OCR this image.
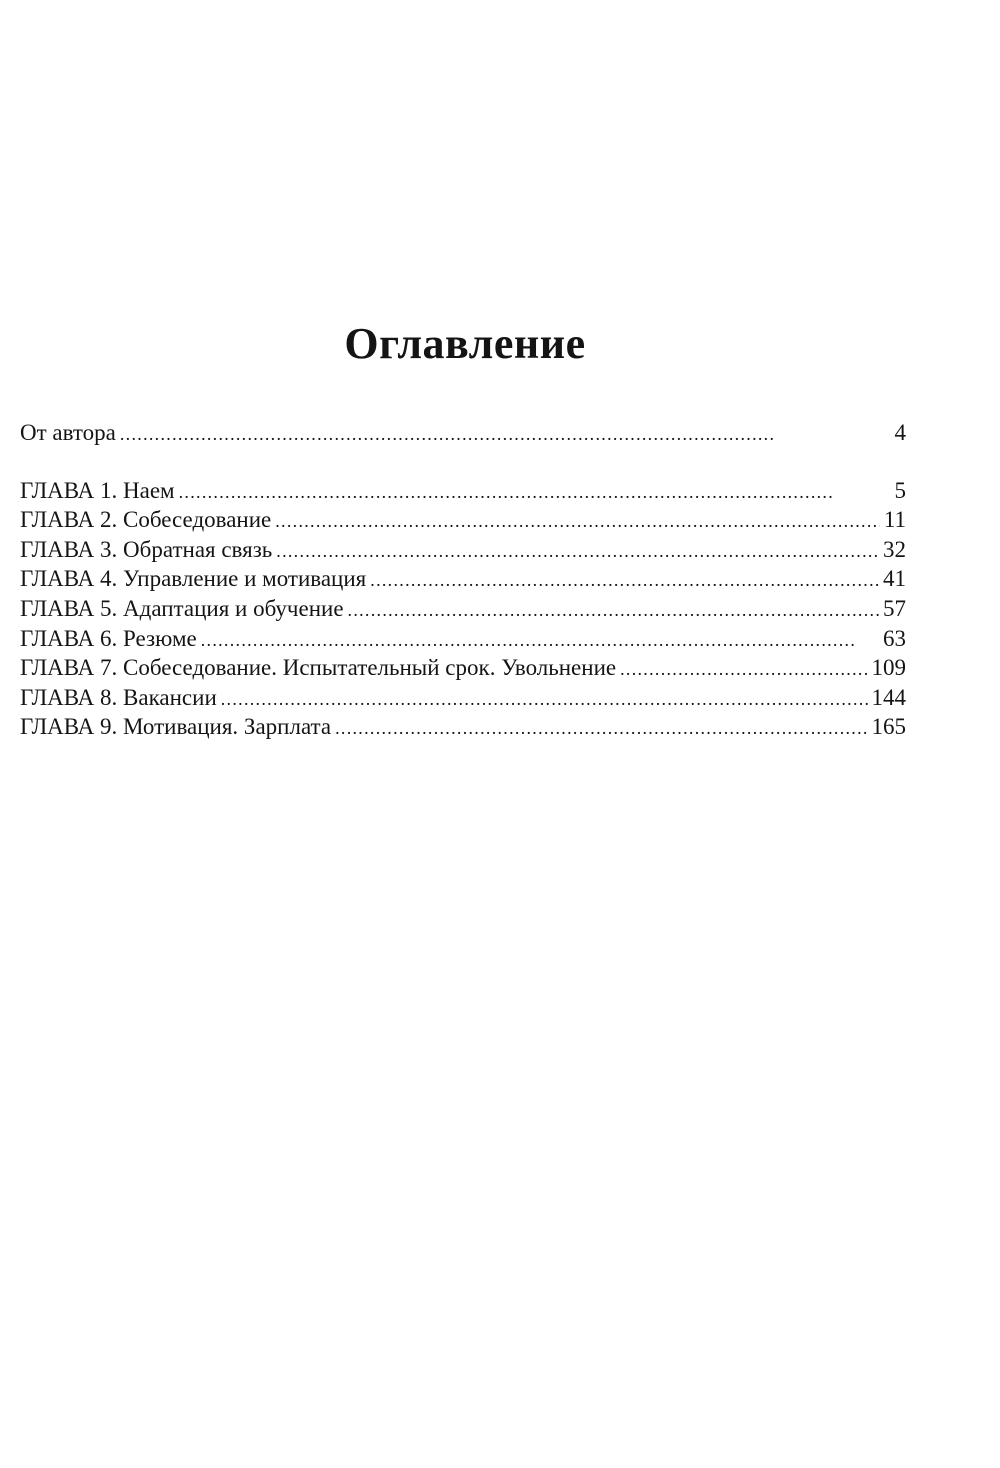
Оглавление
От автора . . .	4
ГЛАВА 1. Наем . . .	5
ГЛАВА 2. Собеседование . . .	11
ГЛАВА 3. Обратная связь . . .	32
ГЛАВА 4. Управление и мотивация . . .	41
ГЛАВА 5. Адаптация и обучение . . .	57
ГЛАВА 6. Резюме . . .	63
ГЛАВА 7. Собеседование. Испытательный срок. Увольнение . . .	109
ГЛАВА 8. Вакансии . . .	144
ГЛАВА 9. Мотивация. Зарплата . . .	165
